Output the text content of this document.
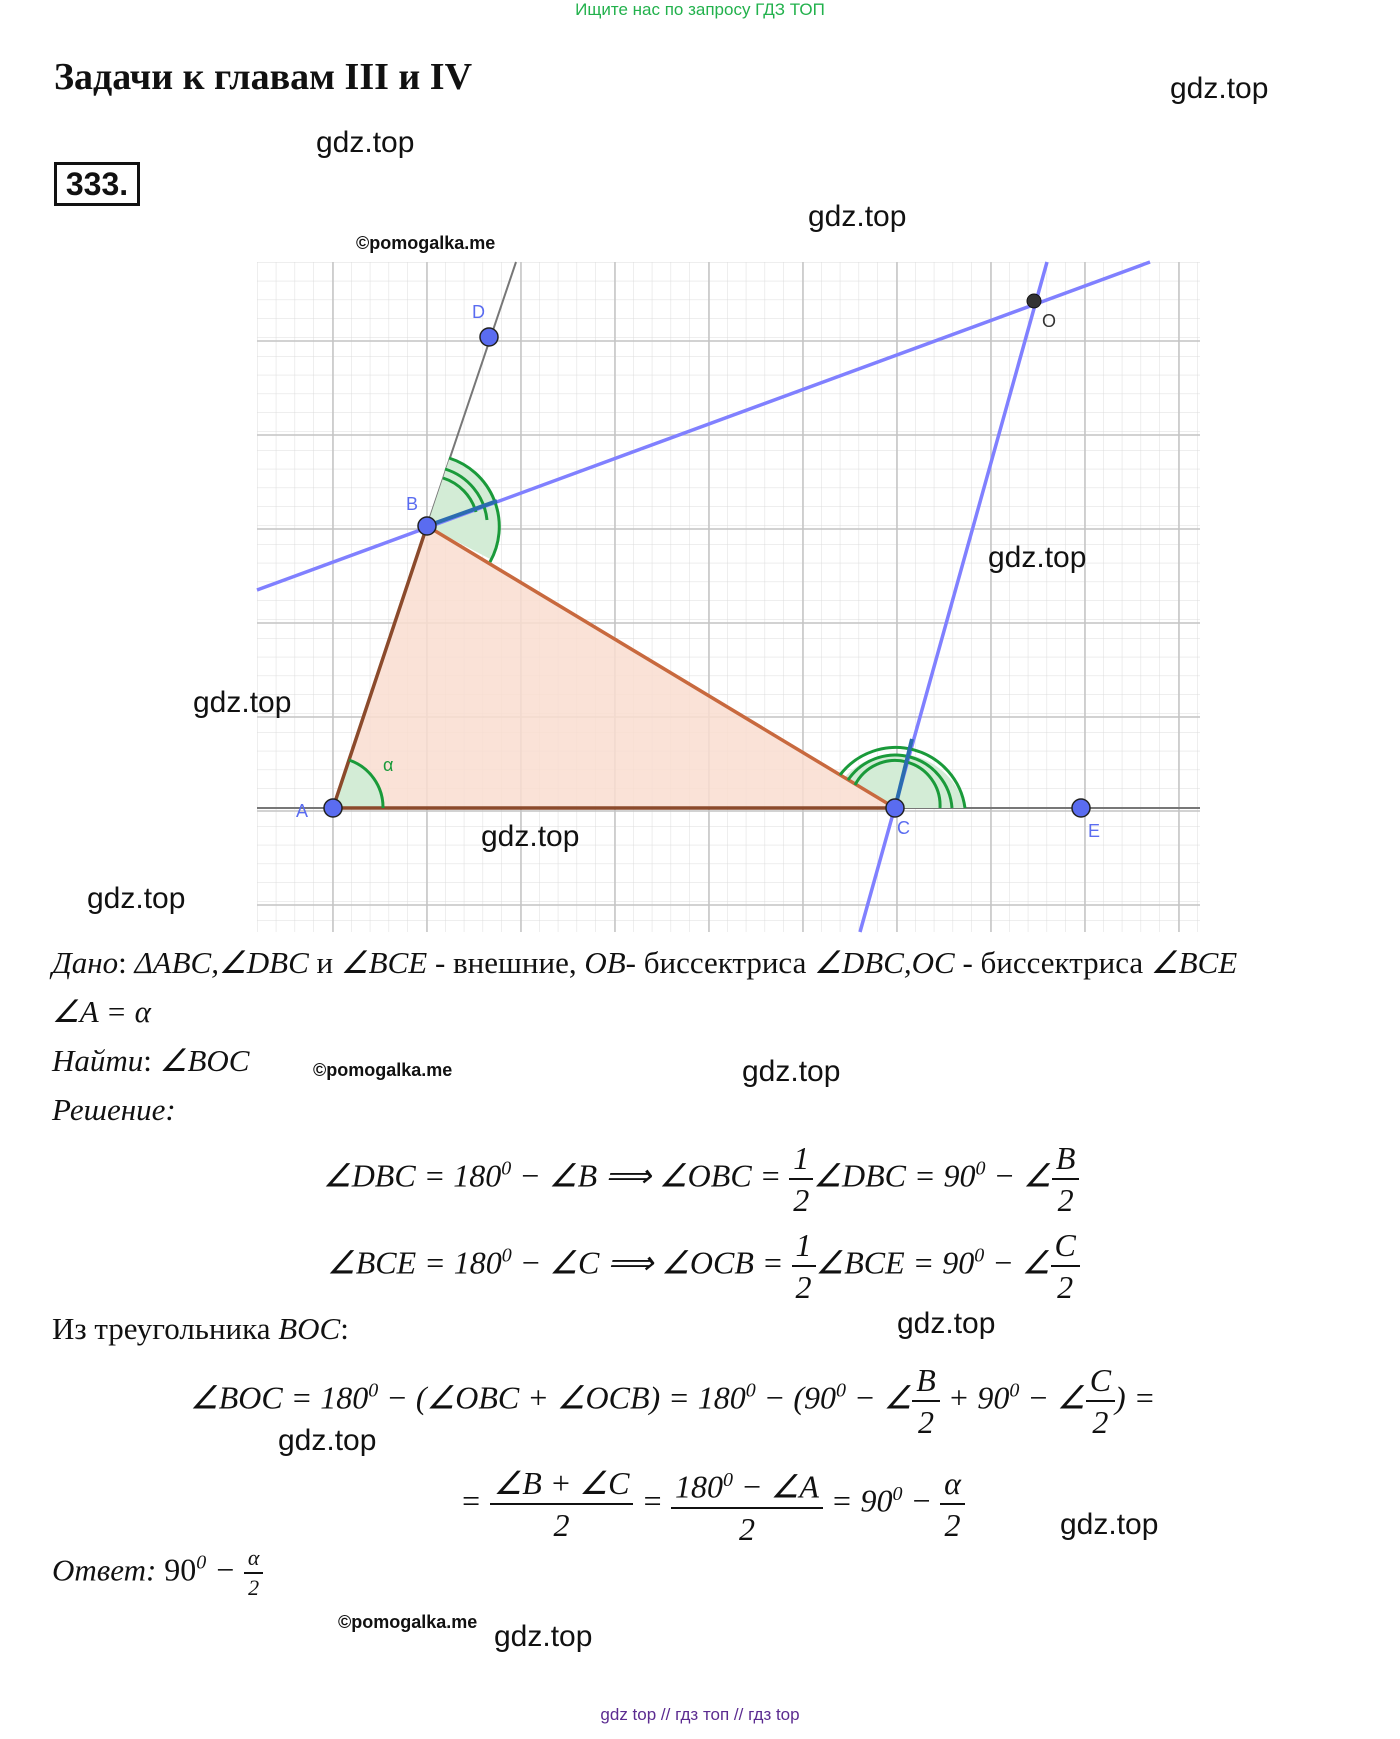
Ищите нас по запросу ГДЗ ТОП
Задачи к главам III и IV
333.
gdz.top
gdz.top
gdz.top
©pomogalka.me
A
B
C
D
E
O
α
gdz.top
gdz.top
gdz.top
gdz.top
Дано: ΔABC,∠DBC и ∠BCE - внешние, OB- биссектриса ∠DBC,OC - биссектриса ∠BCE
∠A = α
Найти: ∠BOC	©pomogalka.me	gdz.top
Решение:
∠DBC = $180^0$ − ∠B ⟹ ∠OBC = $\frac{1}{2}$ ∠DBC = $90^0$ − ∠ $\frac{B}{2}$
∠BCE = $180^0$ − ∠C ⟹ ∠OCB = $\frac{1}{2}$ ∠BCE = $90^0$ − ∠ $\frac{C}{2}$
Из треугольника BOC:	gdz.top
∠BOC = $180^0$ − (∠OBC + ∠OCB) = $180^0 - (90^0$ − ∠ $\frac{B}{2} + 90^0$ − ∠ $\frac{C}{2}$ ) =
gdz.top
= $\frac{\angle B + \angle C}{2} = \frac{180^0 - \angle A}{2} = 90^0 - \frac{\alpha}{2}$	gdz.top
Ответ: $90^0 - \frac{\alpha}{2}$
©pomogalka.me gdz.top
gdz top // гдз топ // гдз top
